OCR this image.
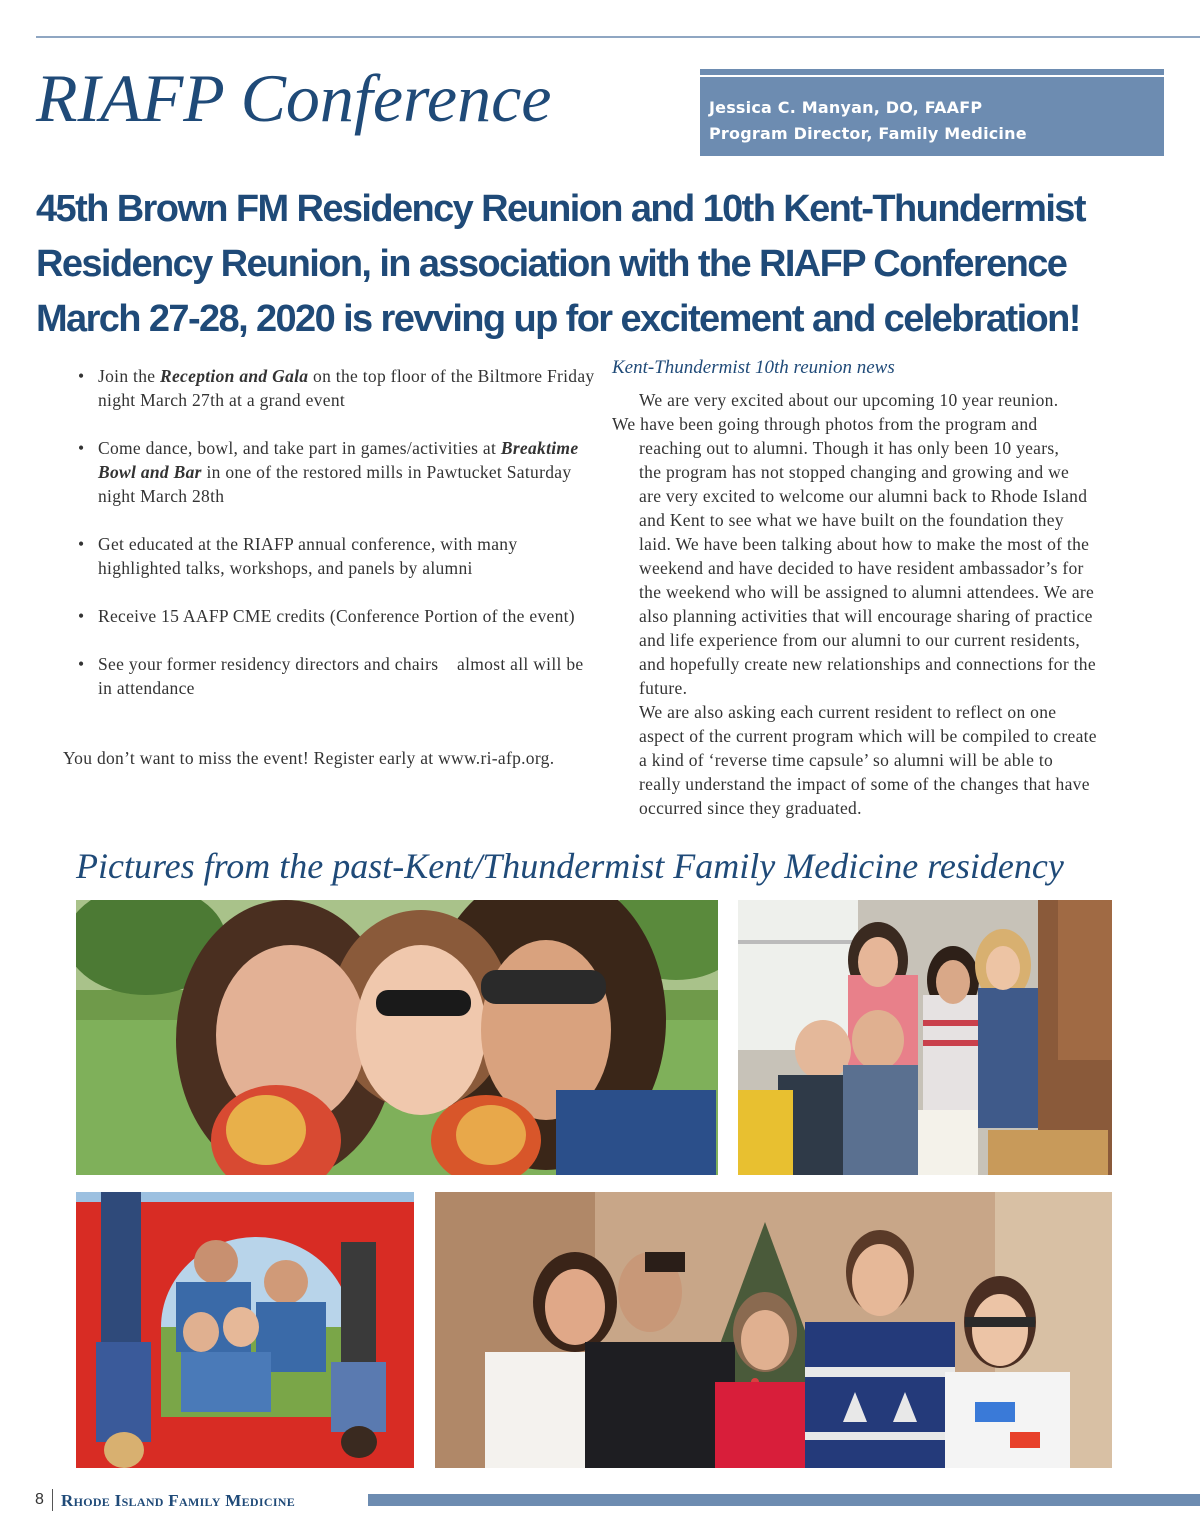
RIAFP Conference	Jessica C. Manyan, DO, FAAFP
Program Director, Family Medicine
45th Brown FM Residency Reunion and 10th Kent-Thundermist
Residency Reunion, in association with the RIAFP Conference
March 27-28, 2020 is revving up for excitement and celebration!
• Join the Reception and Gala on the top floor of the Biltmore Friday night March 27th at a grand event
• Come dance, bowl, and take part in games/activities at Breaktime Bowl and Bar in one of the restored mills in Pawtucket Saturday night March 28th
• Get educated at the RIAFP annual conference, with many highlighted talks, workshops, and panels by alumni
• Receive 15 AAFP CME credits (Conference Portion of the event)
• See your former residency directors and chairs    almost all will be in attendance

You don’t want to miss the event! Register early at www.ri-afp.org.

Kent-Thundermist 10th reunion news

We are very excited about our upcoming 10 year reunion.
We have been going through photos from the program and
reaching out to alumni. Though it has only been 10 years,
the program has not stopped changing and growing and we
are very excited to welcome our alumni back to Rhode Island
and Kent to see what we have built on the foundation they
laid. We have been talking about how to make the most of the
weekend and have decided to have resident ambassador’s for
the weekend who will be assigned to alumni attendees. We are
also planning activities that will encourage sharing of practice
and life experience from our alumni to our current residents,
and hopefully create new relationships and connections for the
future.

We are also asking each current resident to reflect on one
aspect of the current program which will be compiled to create
a kind of ‘reverse time capsule’ so alumni will be able to
really understand the impact of some of the changes that have
occurred since they graduated.

Pictures from the past-Kent/Thundermist Family Medicine residency
8 Rhode Island Family Medicine
